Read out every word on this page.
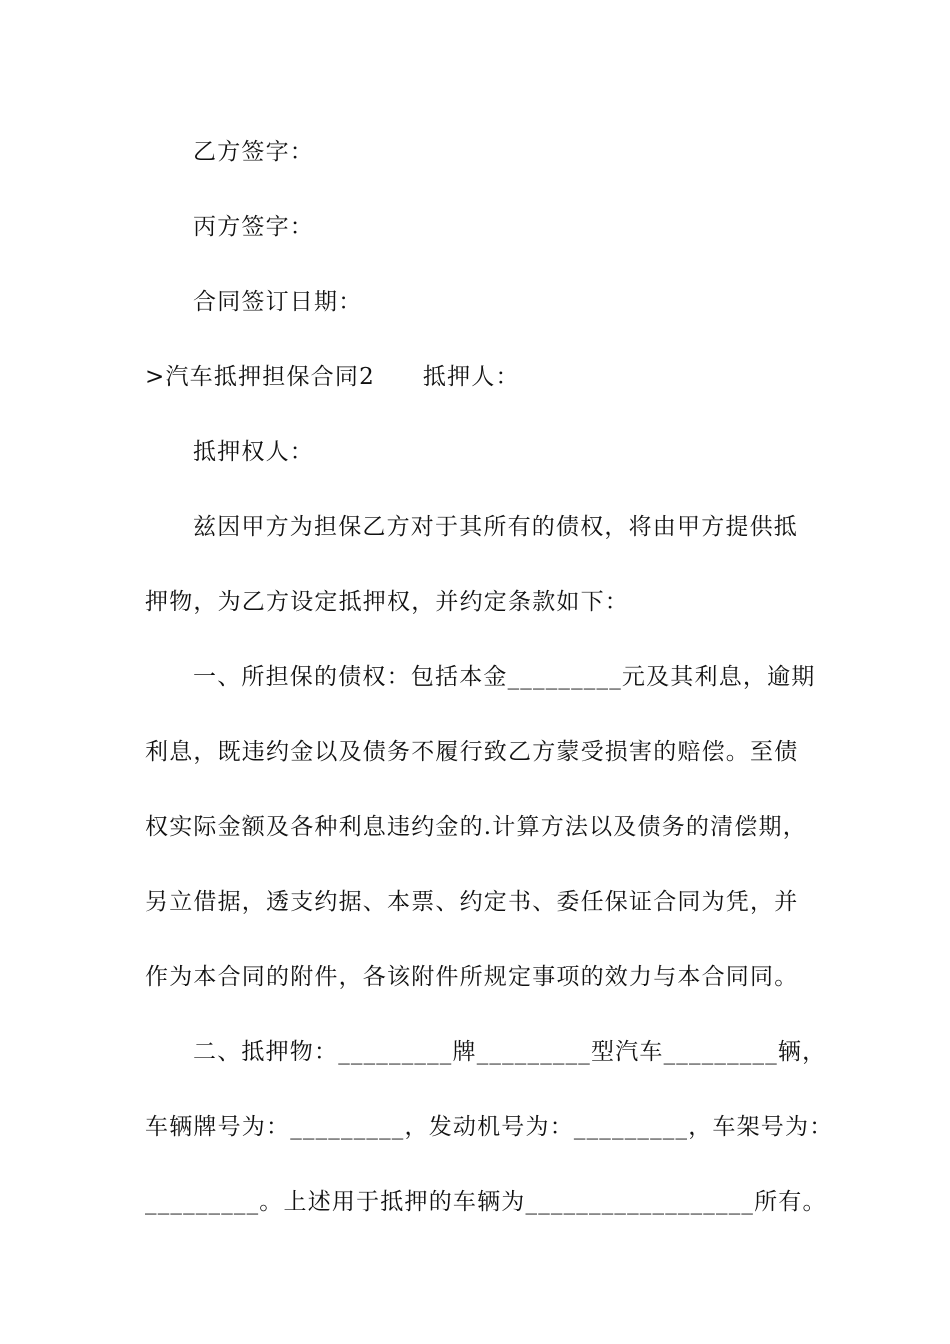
乙方签字：
丙方签字：
合同签订日期：
>汽车抵押担保合同2 抵押人：
抵押权人：
兹因甲方为担保乙方对于其所有的债权，将由甲方提供抵
押物，为乙方设定抵押权，并约定条款如下：
一、所担保的债权：包括本金_________元及其利息，逾期
利息，既违约金以及债务不履行致乙方蒙受损害的赔偿。至债
权实际金额及各种利息违约金的.计算方法以及债务的清偿期，
另立借据，透支约据、本票、约定书、委任保证合同为凭，并
作为本合同的附件，各该附件所规定事项的效力与本合同同。
二、抵押物：_________牌_________型汽车_________辆，
车辆牌号为：_________，发动机号为：_________，车架号为：
_________。上述用于抵押的车辆为__________________所有。
